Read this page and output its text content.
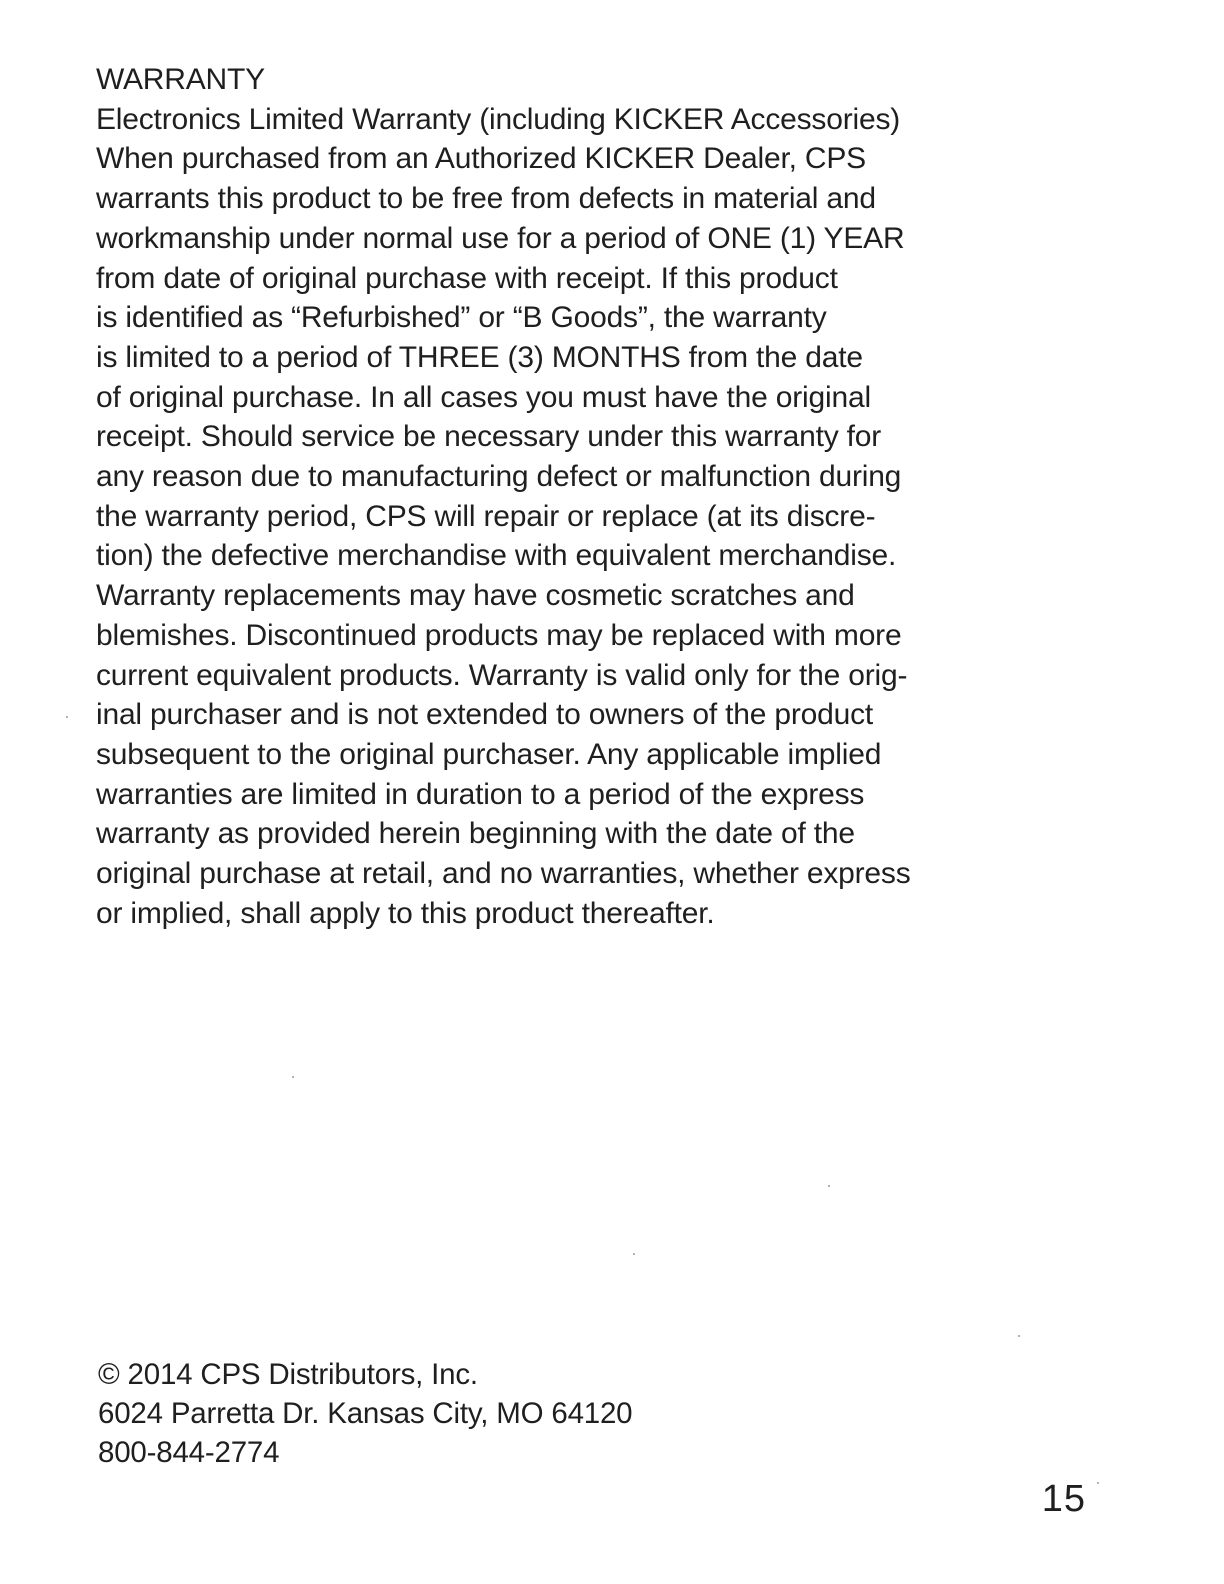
WARRANTY
Electronics Limited Warranty (including KICKER Accessories)
When purchased from an Authorized KICKER Dealer, CPS
warrants this product to be free from defects in material and
workmanship under normal use for a period of ONE (1) YEAR
from date of original purchase with receipt. If this product
is identified as “Refurbished” or “B Goods”, the warranty
is limited to a period of THREE (3) MONTHS from the date
of original purchase. In all cases you must have the original
receipt. Should service be necessary under this warranty for
any reason due to manufacturing defect or malfunction during
the warranty period, CPS will repair or replace (at its discre-
tion) the defective merchandise with equivalent merchandise.
Warranty replacements may have cosmetic scratches and
blemishes. Discontinued products may be replaced with more
current equivalent products. Warranty is valid only for the orig-
inal purchaser and is not extended to owners of the product
subsequent to the original purchaser. Any applicable implied
warranties are limited in duration to a period of the express
warranty as provided herein beginning with the date of the
original purchase at retail, and no warranties, whether express
or implied, shall apply to this product thereafter.
© 2014 CPS Distributors, Inc.
6024 Parretta Dr. Kansas City, MO 64120
800-844-2774
15
